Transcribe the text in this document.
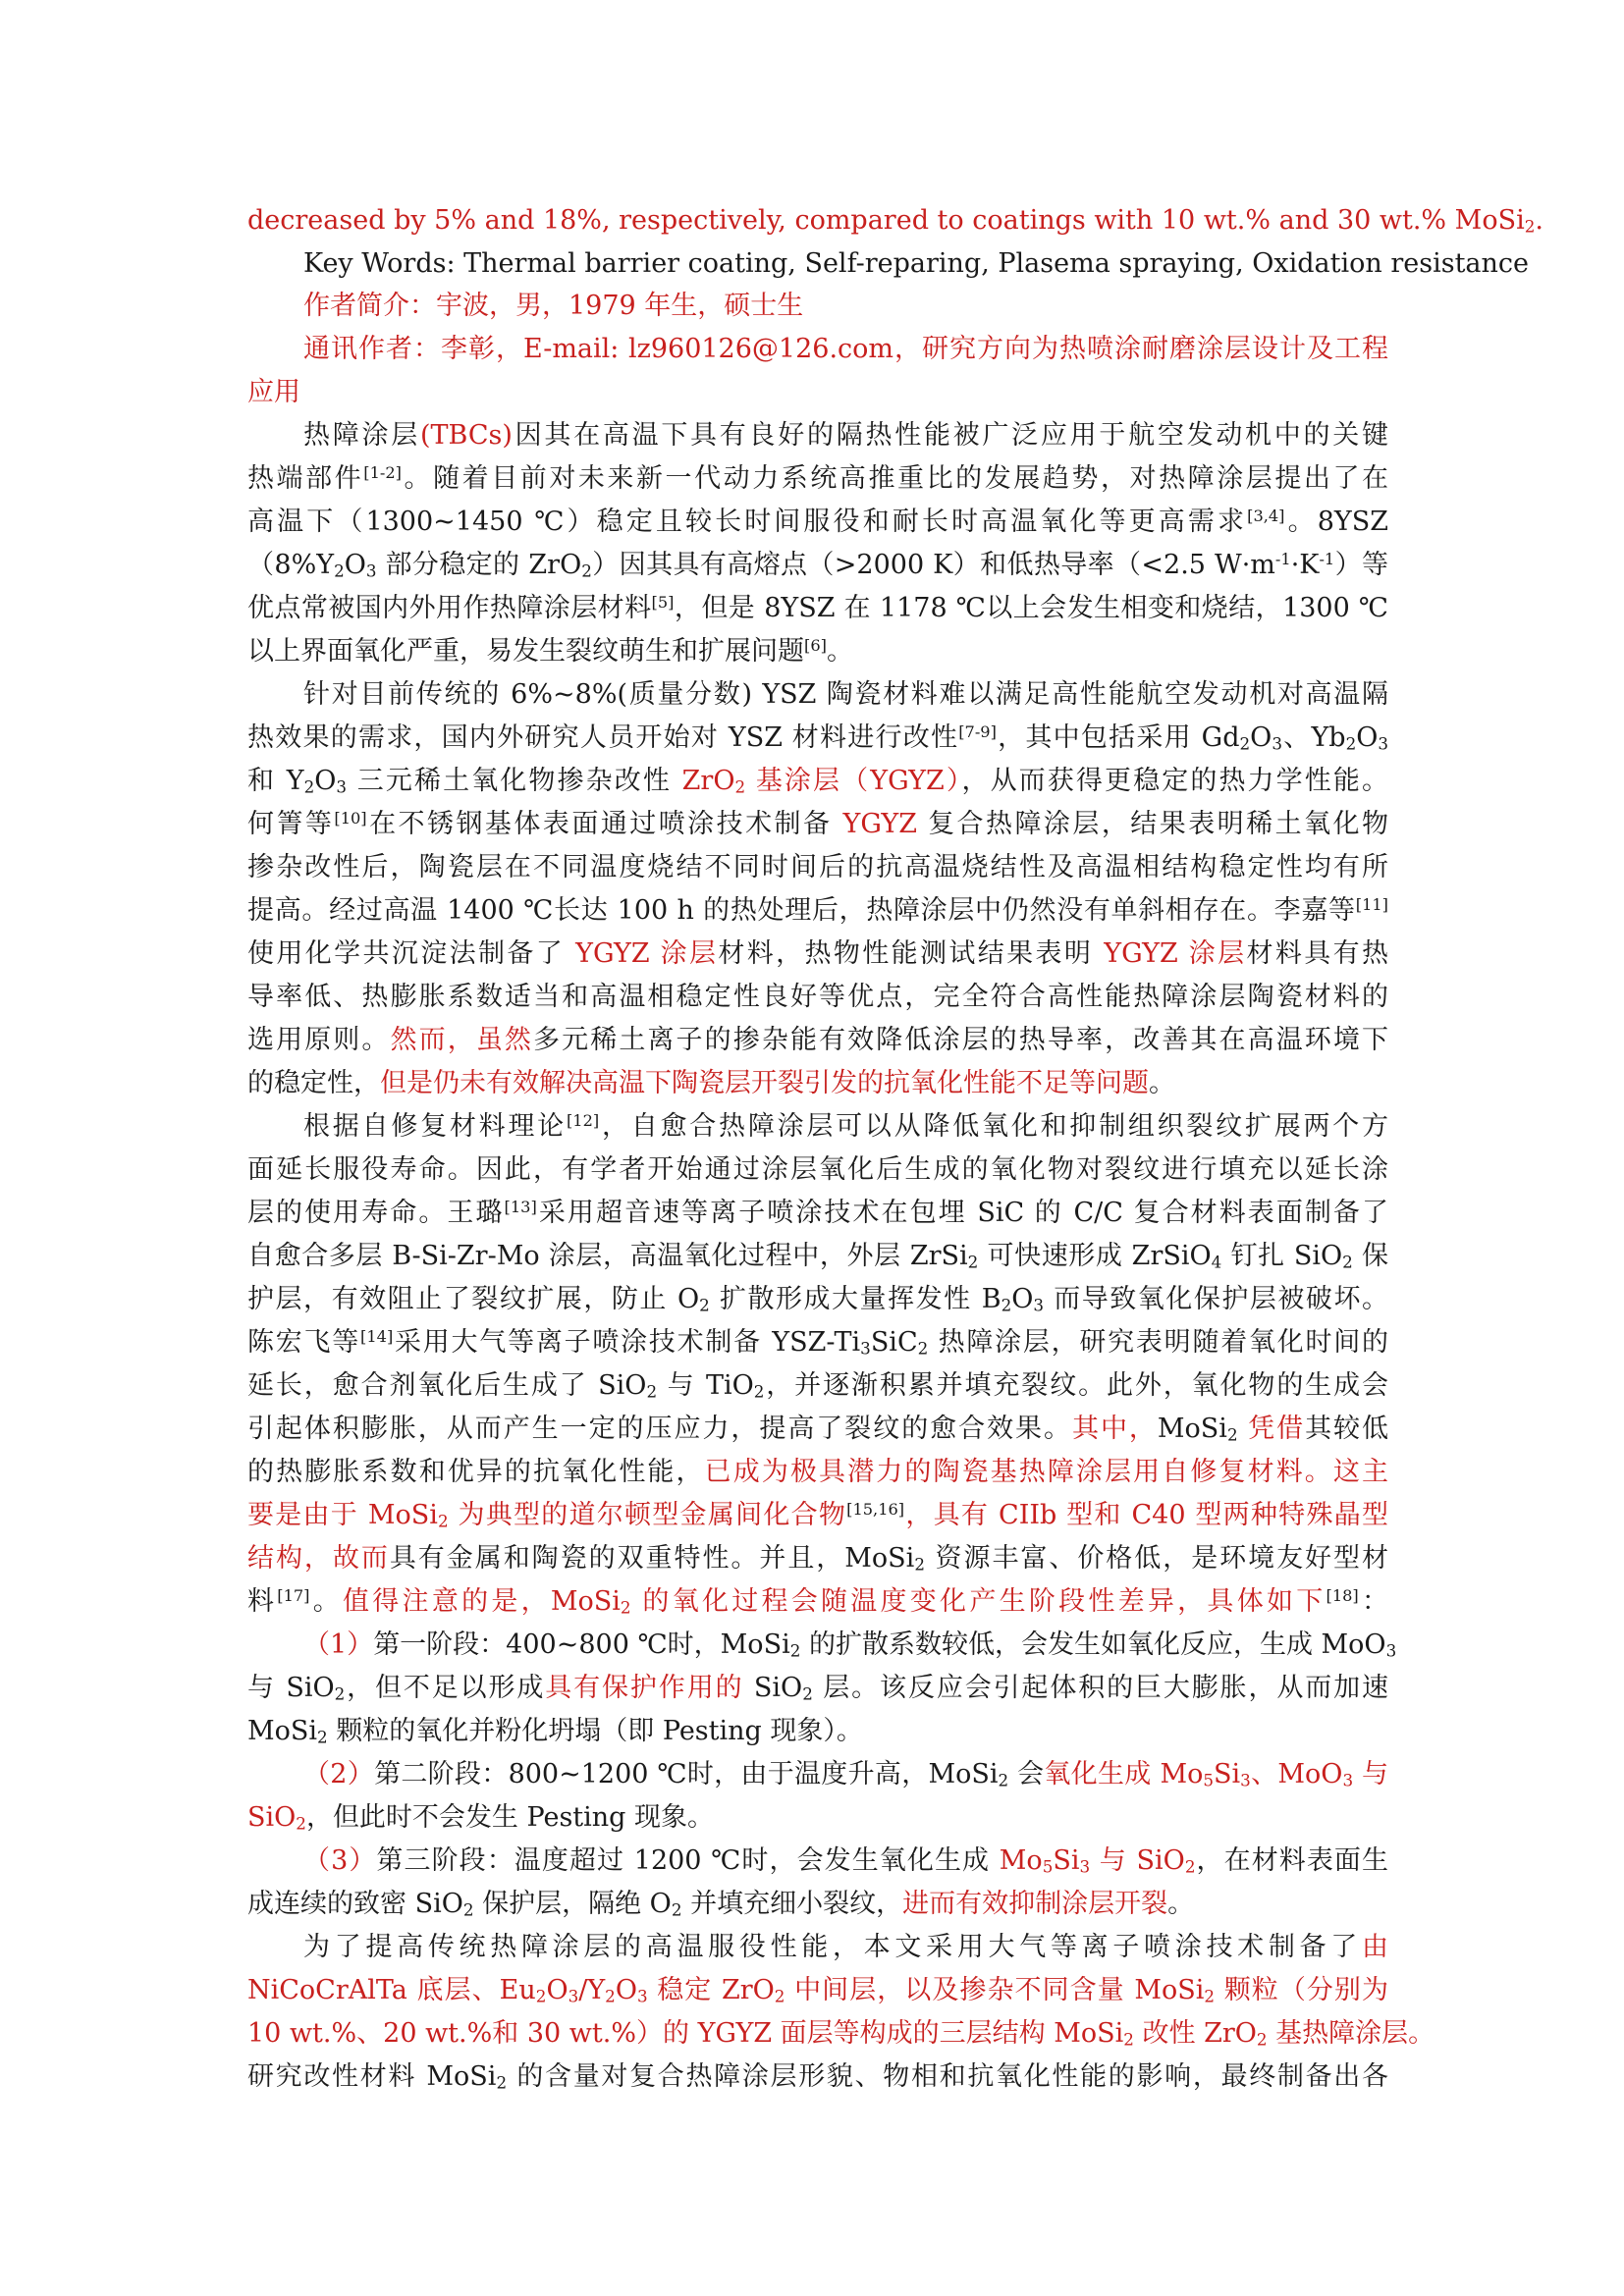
decreased by 5% and 18%, respectively, compared to coatings with 10 wt.% and 30 wt.% MoSi$_2$.
Key Words: Thermal barrier coating, Self-reparing, Plasema spraying, Oxidation resistance
作者简介：宇波，男，1979 年生，硕士生
通讯作者：李彰，E-mail: lz960126@126.com，研究方向为热喷涂耐磨涂层设计及工程
应用
热障涂层(TBCs)因其在高温下具有良好的隔热性能被广泛应用于航空发动机中的关键
热端部件[1-2]。随着目前对未来新一代动力系统高推重比的发展趋势，对热障涂层提出了在
高温下（1300~1450 ℃）稳定且较长时间服役和耐长时高温氧化等更高需求[3,4]。8YSZ
（$8\%Y_2O_3$ 部分稳定的 ZrO$_2$）因其具有高熔点（>2000 K）和低热导率（<2.5 $W\cdot m^{-1}\cdot K^{-1}$）等
优点常被国内外用作热障涂层材料[5]，但是 8YSZ 在 1178 ℃以上会发生相变和烧结，1300 ℃
以上界面氧化严重，易发生裂纹萌生和扩展问题[6]。
针对目前传统的 6%~8%(质量分数) YSZ 陶瓷材料难以满足高性能航空发动机对高温隔
热效果的需求，国内外研究人员开始对 YSZ 材料进行改性[7-9]，其中包括采用 $Gd_2O_3$、$Yb_2O_3$
和 $Y_2O_3$ 三元稀土氧化物掺杂改性 ZrO$_2$ 基涂层（YGYZ），从而获得更稳定的热力学性能。
何箐等[10]在不锈钢基体表面通过喷涂技术制备 YGYZ 复合热障涂层，结果表明稀土氧化物
掺杂改性后，陶瓷层在不同温度烧结不同时间后的抗高温烧结性及高温相结构稳定性均有所
提高。经过高温 1400 ℃长达 100 h 的热处理后，热障涂层中仍然没有单斜相存在。李嘉等[11]
使用化学共沉淀法制备了 YGYZ 涂层材料，热物性能测试结果表明 YGYZ 涂层材料具有热
导率低、热膨胀系数适当和高温相稳定性良好等优点，完全符合高性能热障涂层陶瓷材料的
选用原则。然而，虽然多元稀土离子的掺杂能有效降低涂层的热导率，改善其在高温环境下
的稳定性，但是仍未有效解决高温下陶瓷层开裂引发的抗氧化性能不足等问题。
根据自修复材料理论[12]，自愈合热障涂层可以从降低氧化和抑制组织裂纹扩展两个方
面延长服役寿命。因此，有学者开始通过涂层氧化后生成的氧化物对裂纹进行填充以延长涂
层的使用寿命。王璐[13]采用超音速等离子喷涂技术在包埋 SiC 的 C/C 复合材料表面制备了
自愈合多层 B-Si-Zr-Mo 涂层，高温氧化过程中，外层 ZrSi$_2$ 可快速形成 ZrSiO$_4$ 钉扎 SiO$_2$ 保
护层，有效阻止了裂纹扩展，防止 $O_2$ 扩散形成大量挥发性 $B_2O_3$ 而导致氧化保护层被破坏。
陈宏飞等[14]采用大气等离子喷涂技术制备 YSZ-$Ti_3SiC_2$ 热障涂层，研究表明随着氧化时间的
延长，愈合剂氧化后生成了 SiO$_2$ 与 TiO$_2$，并逐渐积累并填充裂纹。此外，氧化物的生成会
引起体积膨胀，从而产生一定的压应力，提高了裂纹的愈合效果。其中，MoSi$_2$ 凭借其较低
的热膨胀系数和优异的抗氧化性能，已成为极具潜力的陶瓷基热障涂层用自修复材料。这主
要是由于 MoSi$_2$ 为典型的道尔顿型金属间化合物[15,16]，具有 CIIb 型和 C40 型两种特殊晶型
结构，故而具有金属和陶瓷的双重特性。并且，MoSi$_2$ 资源丰富、价格低，是环境友好型材
料[17]。值得注意的是，MoSi$_2$ 的氧化过程会随温度变化产生阶段性差异，具体如下[18]：
（1）第一阶段：400~800 ℃时，MoSi$_2$ 的扩散系数较低，会发生如氧化反应，生成 MoO$_3$
与 SiO$_2$，但不足以形成具有保护作用的 SiO$_2$ 层。该反应会引起体积的巨大膨胀，从而加速
MoSi$_2$ 颗粒的氧化并粉化坍塌（即 Pesting 现象）。
（2）第二阶段：800~1200 ℃时，由于温度升高，MoSi$_2$ 会氧化生成 $Mo_5Si_3$、MoO$_3$ 与
SiO$_2$，但此时不会发生 Pesting 现象。
（3）第三阶段：温度超过 1200 ℃时，会发生氧化生成 $Mo_5Si_3$ 与 SiO$_2$，在材料表面生
成连续的致密 SiO$_2$ 保护层，隔绝 $O_2$ 并填充细小裂纹，进而有效抑制涂层开裂。
为了提高传统热障涂层的高温服役性能，本文采用大气等离子喷涂技术制备了由
NiCoCrAlTa 底层、$Eu_2O_3/Y_2O_3$ 稳定 ZrO$_2$ 中间层，以及掺杂不同含量 MoSi$_2$ 颗粒（分别为
10 wt.%、20 wt.%和 30 wt.%）的 YGYZ 面层等构成的三层结构 MoSi$_2$ 改性 ZrO$_2$ 基热障涂层。
研究改性材料 MoSi$_2$ 的含量对复合热障涂层形貌、物相和抗氧化性能的影响，最终制备出各
